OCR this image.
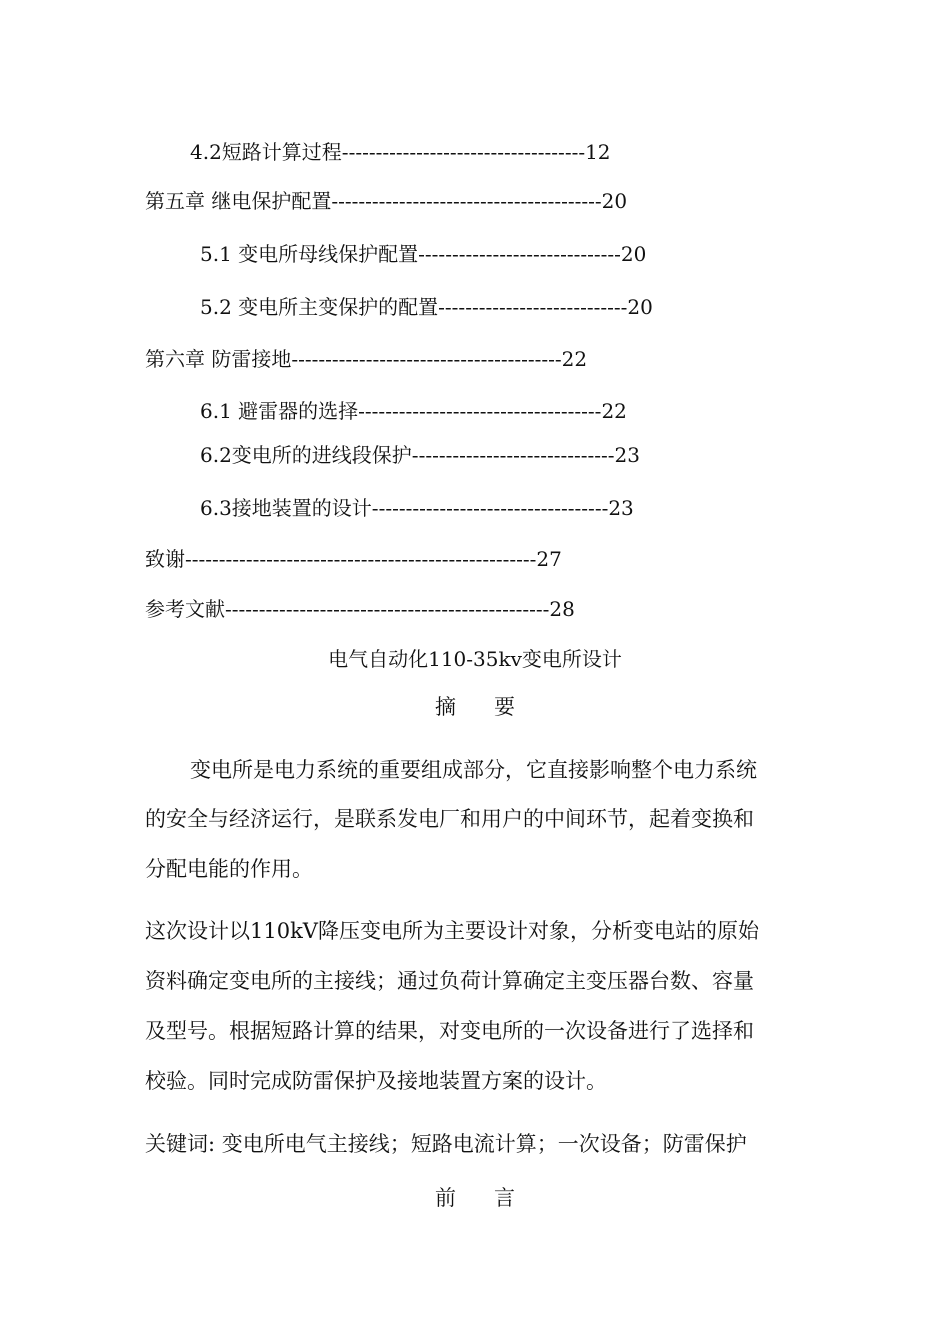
4.2短路计算过程------------------------------------12
第五章 继电保护配置----------------------------------------20
5.1 变电所母线保护配置------------------------------20
5.2 变电所主变保护的配置----------------------------20
第六章 防雷接地----------------------------------------22
6.1 避雷器的选择------------------------------------22
6.2变电所的进线段保护------------------------------23
6.3接地装置的设计-----------------------------------23
致谢----------------------------------------------------27
参考文献------------------------------------------------28
电气自动化110-35kv变电所设计
摘 要
变电所是电力系统的重要组成部分，它直接影响整个电力系统
的安全与经济运行，是联系发电厂和用户的中间环节，起着变换和
分配电能的作用。
这次设计以110kV降压变电所为主要设计对象，分析变电站的原始
资料确定变电所的主接线；通过负荷计算确定主变压器台数、容量
及型号。根据短路计算的结果，对变电所的一次设备进行了选择和
校验。同时完成防雷保护及接地装置方案的设计。
关键词: 变电所电气主接线；短路电流计算；一次设备；防雷保护
前 言
